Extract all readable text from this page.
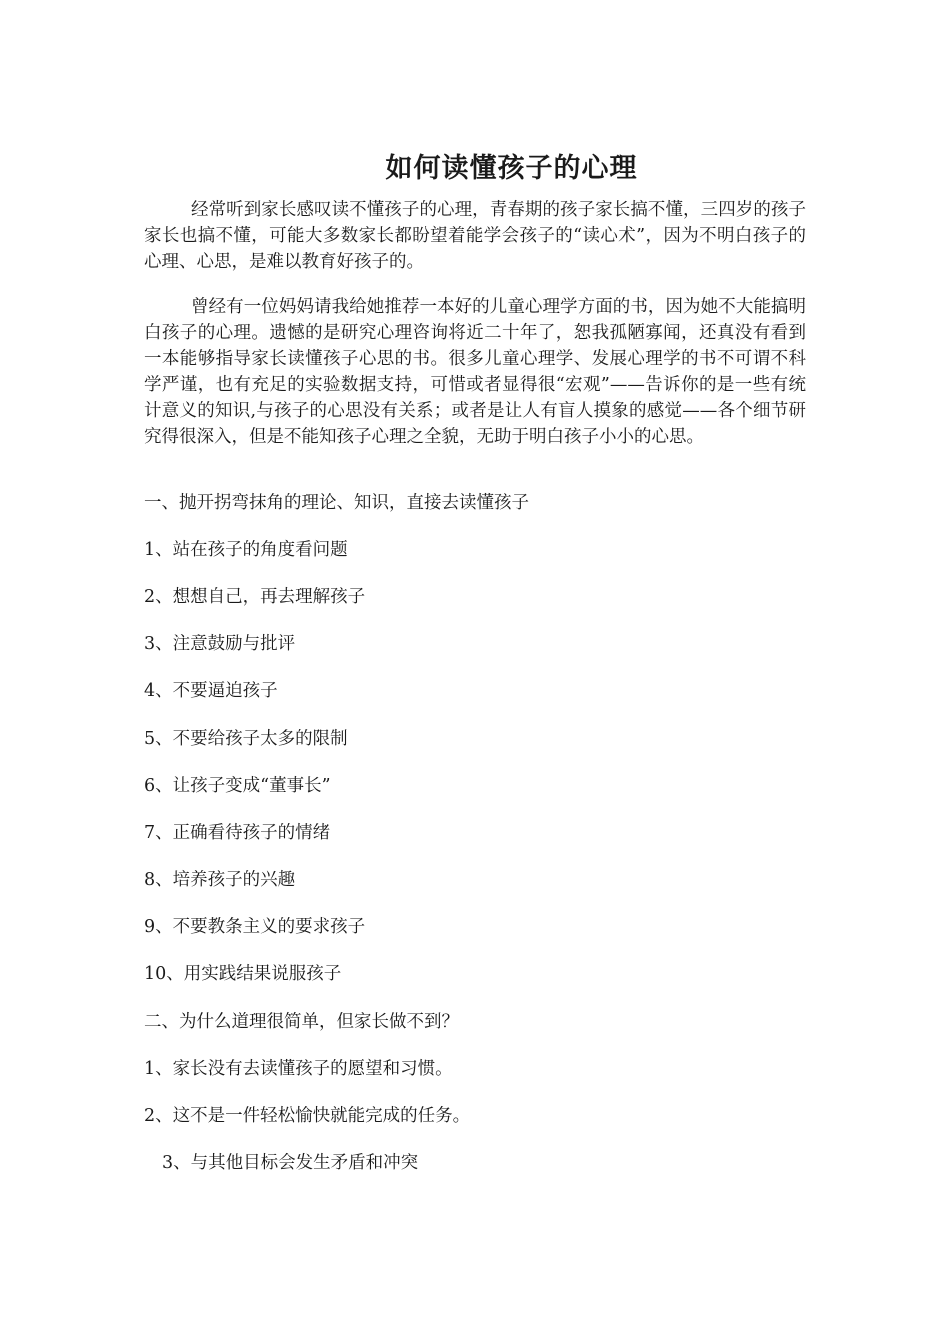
如何读懂孩子的心理

经常听到家长感叹读不懂孩子的心理，青春期的孩子家长搞不懂，三四岁的孩子家长也搞不懂，可能大多数家长都盼望着能学会孩子的“读心术”，因为不明白孩子的心理、心思，是难以教育好孩子的。

曾经有一位妈妈请我给她推荐一本好的儿童心理学方面的书，因为她不大能搞明白孩子的心理。遗憾的是研究心理咨询将近二十年了，恕我孤陋寡闻，还真没有看到一本能够指导家长读懂孩子心思的书。很多儿童心理学、发展心理学的书不可谓不科学严谨，也有充足的实验数据支持，可惜或者显得很“宏观”——告诉你的是一些有统计意义的知识,与孩子的心思没有关系；或者是让人有盲人摸象的感觉——各个细节研究得很深入，但是不能知孩子心理之全貌，无助于明白孩子小小的心思。

一、抛开拐弯抹角的理论、知识，直接去读懂孩子

1、站在孩子的角度看问题

2、想想自己，再去理解孩子

3、注意鼓励与批评

4、不要逼迫孩子

5、不要给孩子太多的限制

6、让孩子变成“董事长”

7、正确看待孩子的情绪

8、培养孩子的兴趣

9、不要教条主义的要求孩子

10、用实践结果说服孩子

二、为什么道理很简单，但家长做不到？

1、家长没有去读懂孩子的愿望和习惯。

2、这不是一件轻松愉快就能完成的任务。

3、与其他目标会发生矛盾和冲突
